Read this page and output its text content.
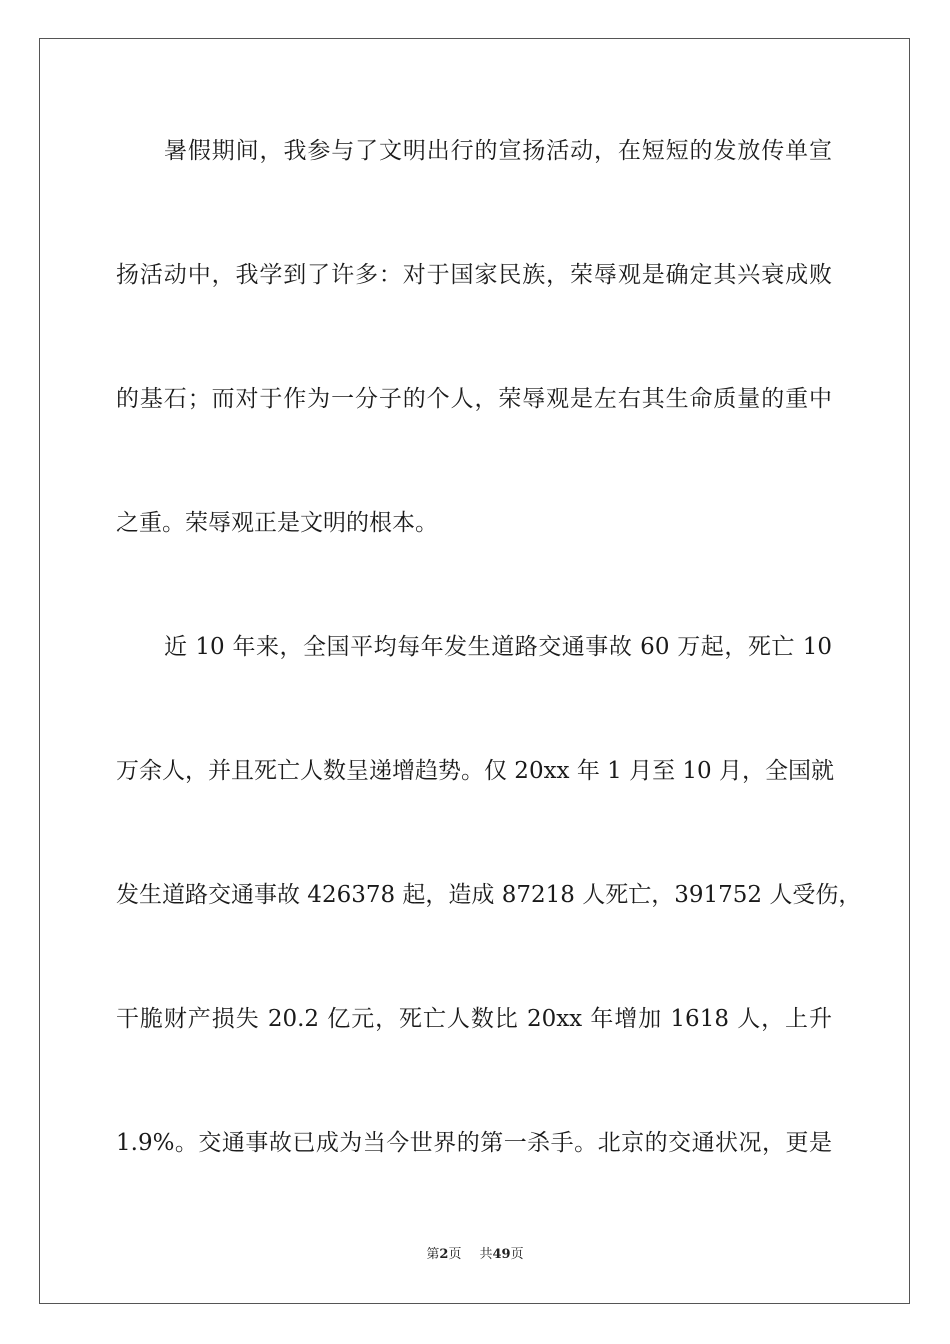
暑假期间，我参与了文明出行的宣扬活动，在短短的发放传单宣
扬活动中，我学到了许多：对于国家民族，荣辱观是确定其兴衰成败
的基石；而对于作为一分子的个人，荣辱观是左右其生命质量的重中
之重。荣辱观正是文明的根本。
近 10 年来，全国平均每年发生道路交通事故 60 万起，死亡 10
万余人，并且死亡人数呈递增趋势。仅 20xx 年 1 月至 10 月，全国就
发生道路交通事故 426378 起，造成 87218 人死亡，391752 人受伤，
干脆财产损失 20.2 亿元，死亡人数比 20xx 年增加 1618 人，上升
1.9%。交通事故已成为当今世界的第一杀手。北京的交通状况，更是
第2页 共49页
